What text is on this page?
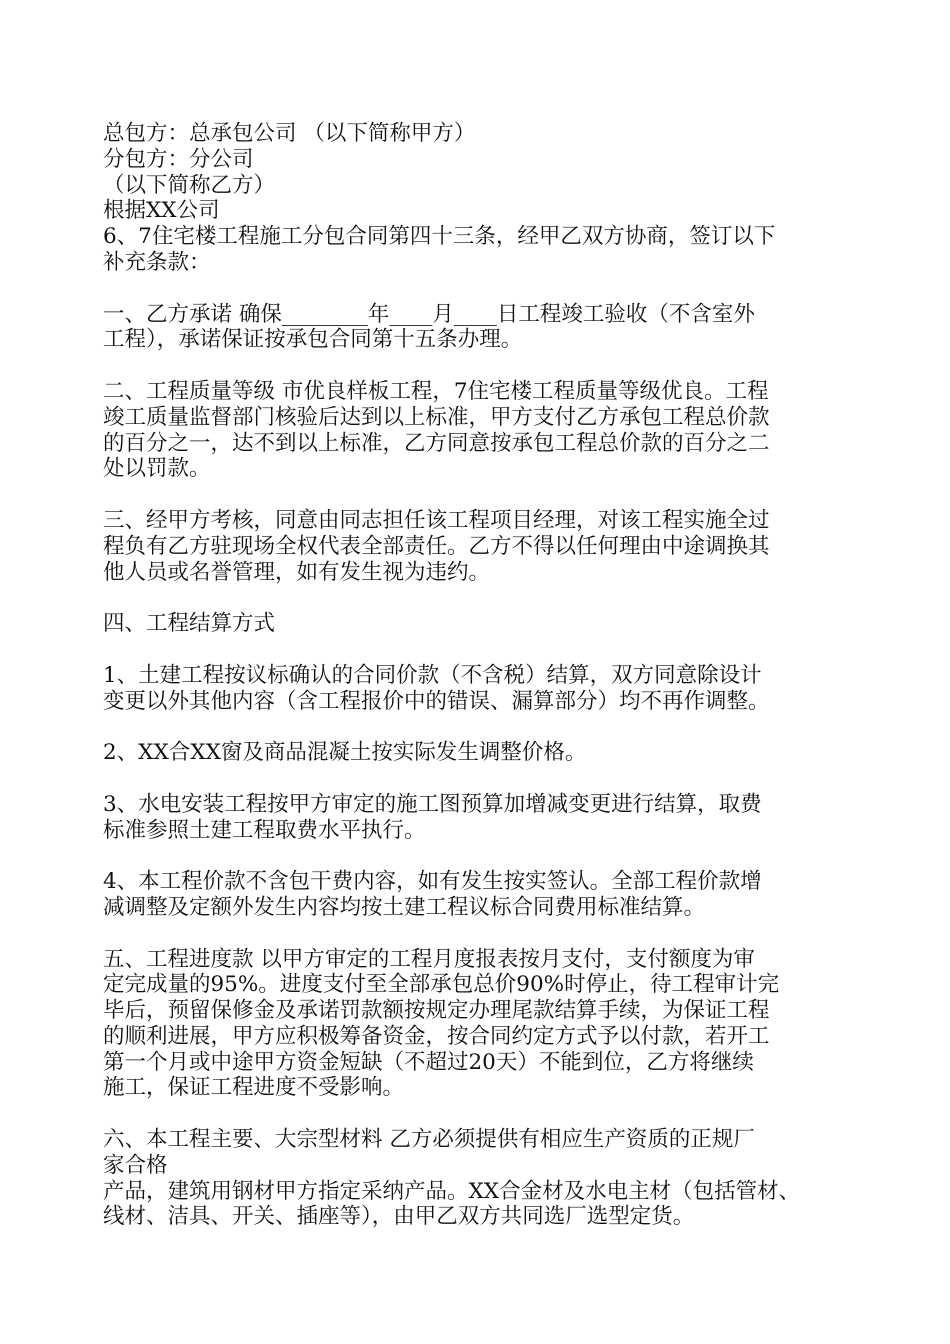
总包方：总承包公司 （以下简称甲方）
分包方：分公司
（以下简称乙方）
根据XX公司
6、7住宅楼工程施工分包合同第四十三条，经甲乙双方协商，签订以下
补充条款：
一、乙方承诺 确保________年____月____日工程竣工验收（不含室外
工程），承诺保证按承包合同第十五条办理。
二、工程质量等级 市优良样板工程，7住宅楼工程质量等级优良。工程
竣工质量监督部门核验后达到以上标准，甲方支付乙方承包工程总价款
的百分之一，达不到以上标准，乙方同意按承包工程总价款的百分之二
处以罚款。
三、经甲方考核，同意由同志担任该工程项目经理，对该工程实施全过
程负有乙方驻现场全权代表全部责任。乙方不得以任何理由中途调换其
他人员或名誉管理，如有发生视为违约。
四、工程结算方式
1、土建工程按议标确认的合同价款（不含税）结算，双方同意除设计
变更以外其他内容（含工程报价中的错误、漏算部分）均不再作调整。
2、XX合XX窗及商品混凝土按实际发生调整价格。
3、水电安装工程按甲方审定的施工图预算加增减变更进行结算，取费
标准参照土建工程取费水平执行。
4、本工程价款不含包干费内容，如有发生按实签认。全部工程价款增
减调整及定额外发生内容均按土建工程议标合同费用标准结算。
五、工程进度款 以甲方审定的工程月度报表按月支付，支付额度为审
定完成量的95%。进度支付至全部承包总价90%时停止，待工程审计完
毕后，预留保修金及承诺罚款额按规定办理尾款结算手续，为保证工程
的顺利进展，甲方应积极筹备资金，按合同约定方式予以付款，若开工
第一个月或中途甲方资金短缺（不超过20天）不能到位，乙方将继续
施工，保证工程进度不受影响。
六、本工程主要、大宗型材料 乙方必须提供有相应生产资质的正规厂
家合格
产品，建筑用钢材甲方指定采纳产品。XX合金材及水电主材（包括管材、
线材、洁具、开关、插座等），由甲乙双方共同选厂选型定货。
